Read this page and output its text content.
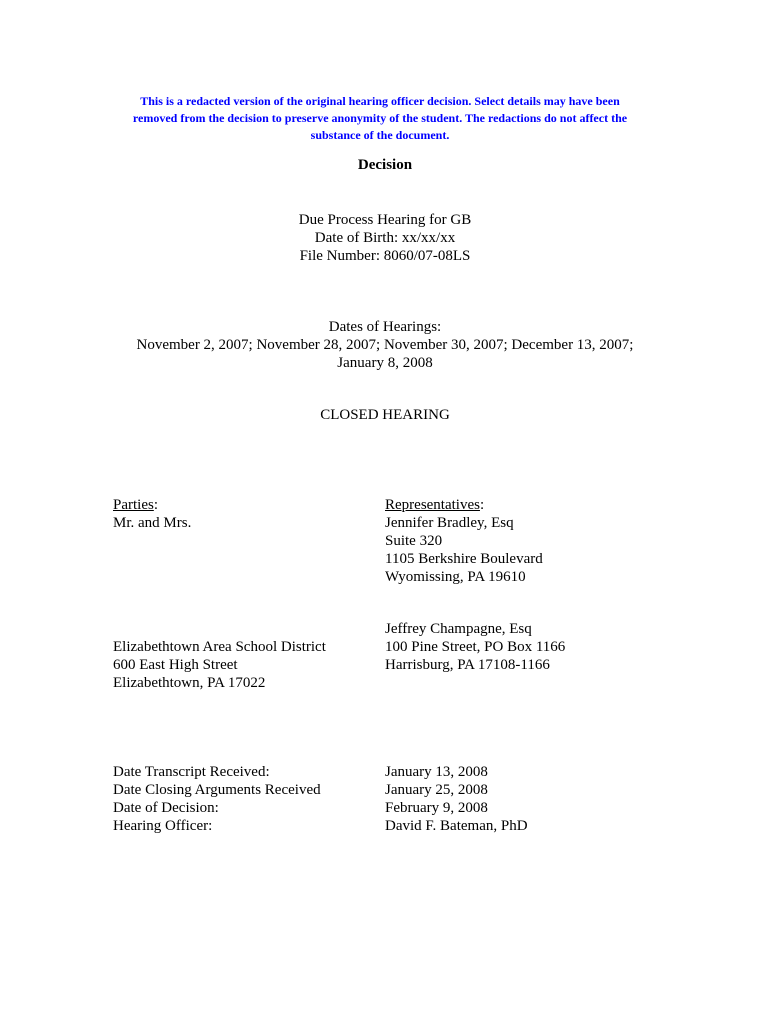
This is a redacted version of the original hearing officer decision. Select details may have been
removed from the decision to preserve anonymity of the student. The redactions do not affect the
substance of the document.
Decision
Due Process Hearing for GB
Date of Birth: xx/xx/xx
File Number: 8060/07-08LS
Dates of Hearings:
November 2, 2007; November 28, 2007; November 30, 2007; December 13, 2007;
January 8, 2008
CLOSED HEARING
Parties:
Mr. and Mrs.
Elizabethtown Area School District
600 East High Street
Elizabethtown, PA 17022
Representatives:
Jennifer Bradley, Esq
Suite 320
1105 Berkshire Boulevard
Wyomissing, PA 19610
Jeffrey Champagne, Esq
100 Pine Street, PO Box 1166
Harrisburg, PA 17108-1166
Date Transcript Received:
Date Closing Arguments Received
Date of Decision:
Hearing Officer:
January 13, 2008
January 25, 2008
February 9, 2008
David F. Bateman, PhD
